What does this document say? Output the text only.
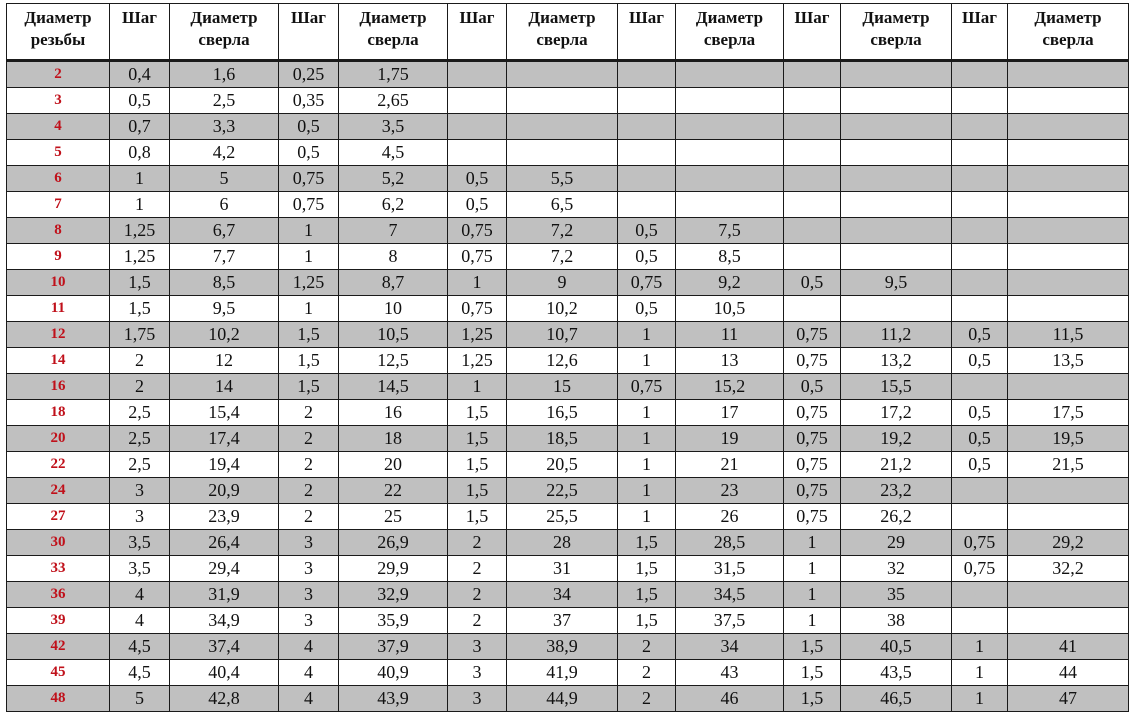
Диаметр резьбы	Шаг	Диаметр сверла	Шаг	Диаметр сверла	Шаг	Диаметр сверла	Шаг	Диаметр сверла	Шаг	Диаметр сверла	Шаг	Диаметр сверла
2	0,4	1,6	0,25	1,75								
3	0,5	2,5	0,35	2,65								
4	0,7	3,3	0,5	3,5								
5	0,8	4,2	0,5	4,5								
6	1	5	0,75	5,2	0,5	5,5						
7	1	6	0,75	6,2	0,5	6,5						
8	1,25	6,7	1	7	0,75	7,2	0,5	7,5				
9	1,25	7,7	1	8	0,75	7,2	0,5	8,5				
10	1,5	8,5	1,25	8,7	1	9	0,75	9,2	0,5	9,5		
11	1,5	9,5	1	10	0,75	10,2	0,5	10,5				
12	1,75	10,2	1,5	10,5	1,25	10,7	1	11	0,75	11,2	0,5	11,5
14	2	12	1,5	12,5	1,25	12,6	1	13	0,75	13,2	0,5	13,5
16	2	14	1,5	14,5	1	15	0,75	15,2	0,5	15,5		
18	2,5	15,4	2	16	1,5	16,5	1	17	0,75	17,2	0,5	17,5
20	2,5	17,4	2	18	1,5	18,5	1	19	0,75	19,2	0,5	19,5
22	2,5	19,4	2	20	1,5	20,5	1	21	0,75	21,2	0,5	21,5
24	3	20,9	2	22	1,5	22,5	1	23	0,75	23,2		
27	3	23,9	2	25	1,5	25,5	1	26	0,75	26,2		
30	3,5	26,4	3	26,9	2	28	1,5	28,5	1	29	0,75	29,2
33	3,5	29,4	3	29,9	2	31	1,5	31,5	1	32	0,75	32,2
36	4	31,9	3	32,9	2	34	1,5	34,5	1	35		
39	4	34,9	3	35,9	2	37	1,5	37,5	1	38		
42	4,5	37,4	4	37,9	3	38,9	2	34	1,5	40,5	1	41
45	4,5	40,4	4	40,9	3	41,9	2	43	1,5	43,5	1	44
48	5	42,8	4	43,9	3	44,9	2	46	1,5	46,5	1	47
